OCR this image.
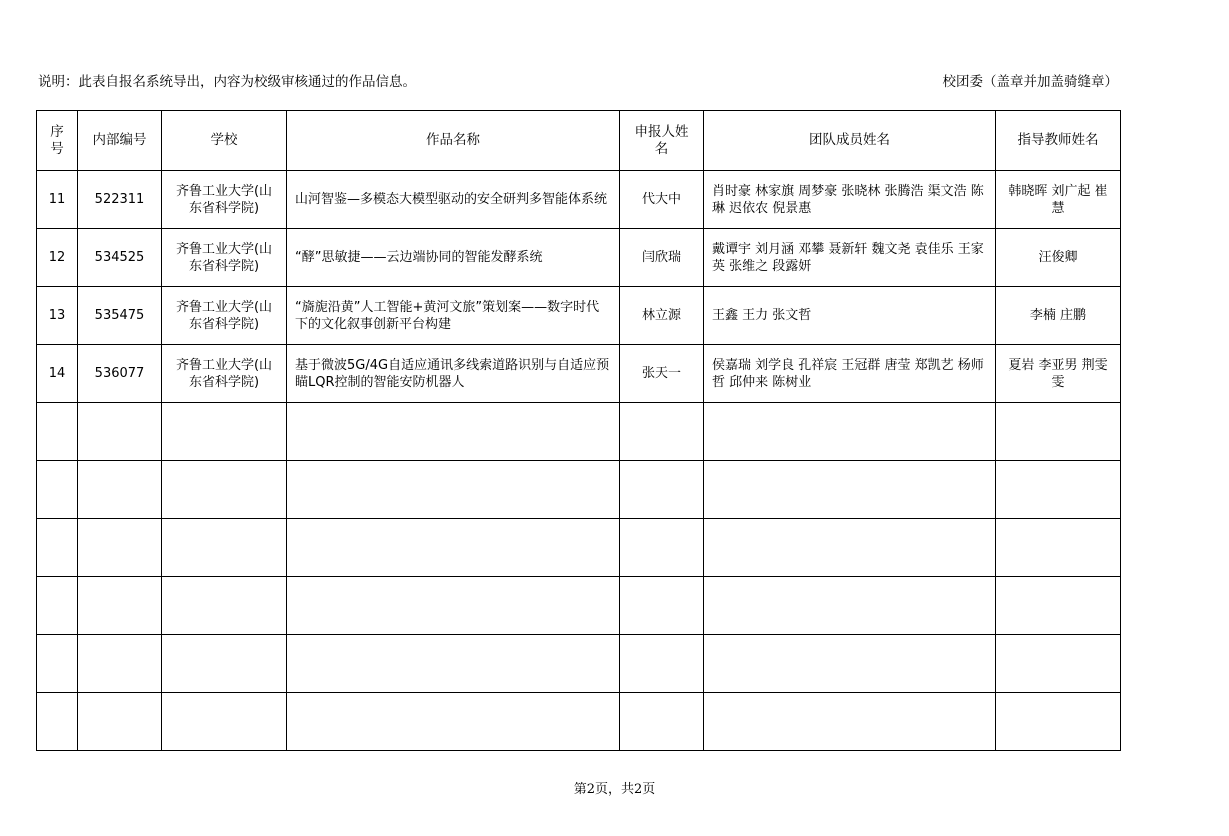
说明：此表自报名系统导出，内容为校级审核通过的作品信息。	校团委（盖章并加盖骑缝章）
序号	内部编号	学校	作品名称	申报人姓名	团队成员姓名	指导教师姓名
11	522311	齐鲁工业大学(山东省科学院)	山河智鉴—多模态大模型驱动的安全研判多智能体系统	代大中	肖时豪 林家旗 周梦豪 张晓林 张腾浩 渠文浩 陈琳 迟依农 倪景惠	韩晓晖 刘广起 崔慧
12	534525	齐鲁工业大学(山东省科学院)	“酵”思敏捷——云边端协同的智能发酵系统	闫欣瑞	戴谭宇 刘月涵 邓攀 聂新轩 魏文尧 袁佳乐 王家英 张维之 段露妍	汪俊卿
13	535475	齐鲁工业大学(山东省科学院)	“旖旎沿黄”人工智能+黄河文旅”策划案——数字时代下的文化叙事创新平台构建	林立源	王鑫 王力 张文哲	李楠 庄鹏
14	536077	齐鲁工业大学(山东省科学院)	基于微波5G/4G自适应通讯多线索道路识别与自适应预瞄LQR控制的智能安防机器人	张天一	侯嘉瑞 刘学良 孔祥宸 王冠群 唐莹 郑凯艺 杨师哲 邱仲来 陈树业	夏岩 李亚男 荆雯雯

第2页，共2页
